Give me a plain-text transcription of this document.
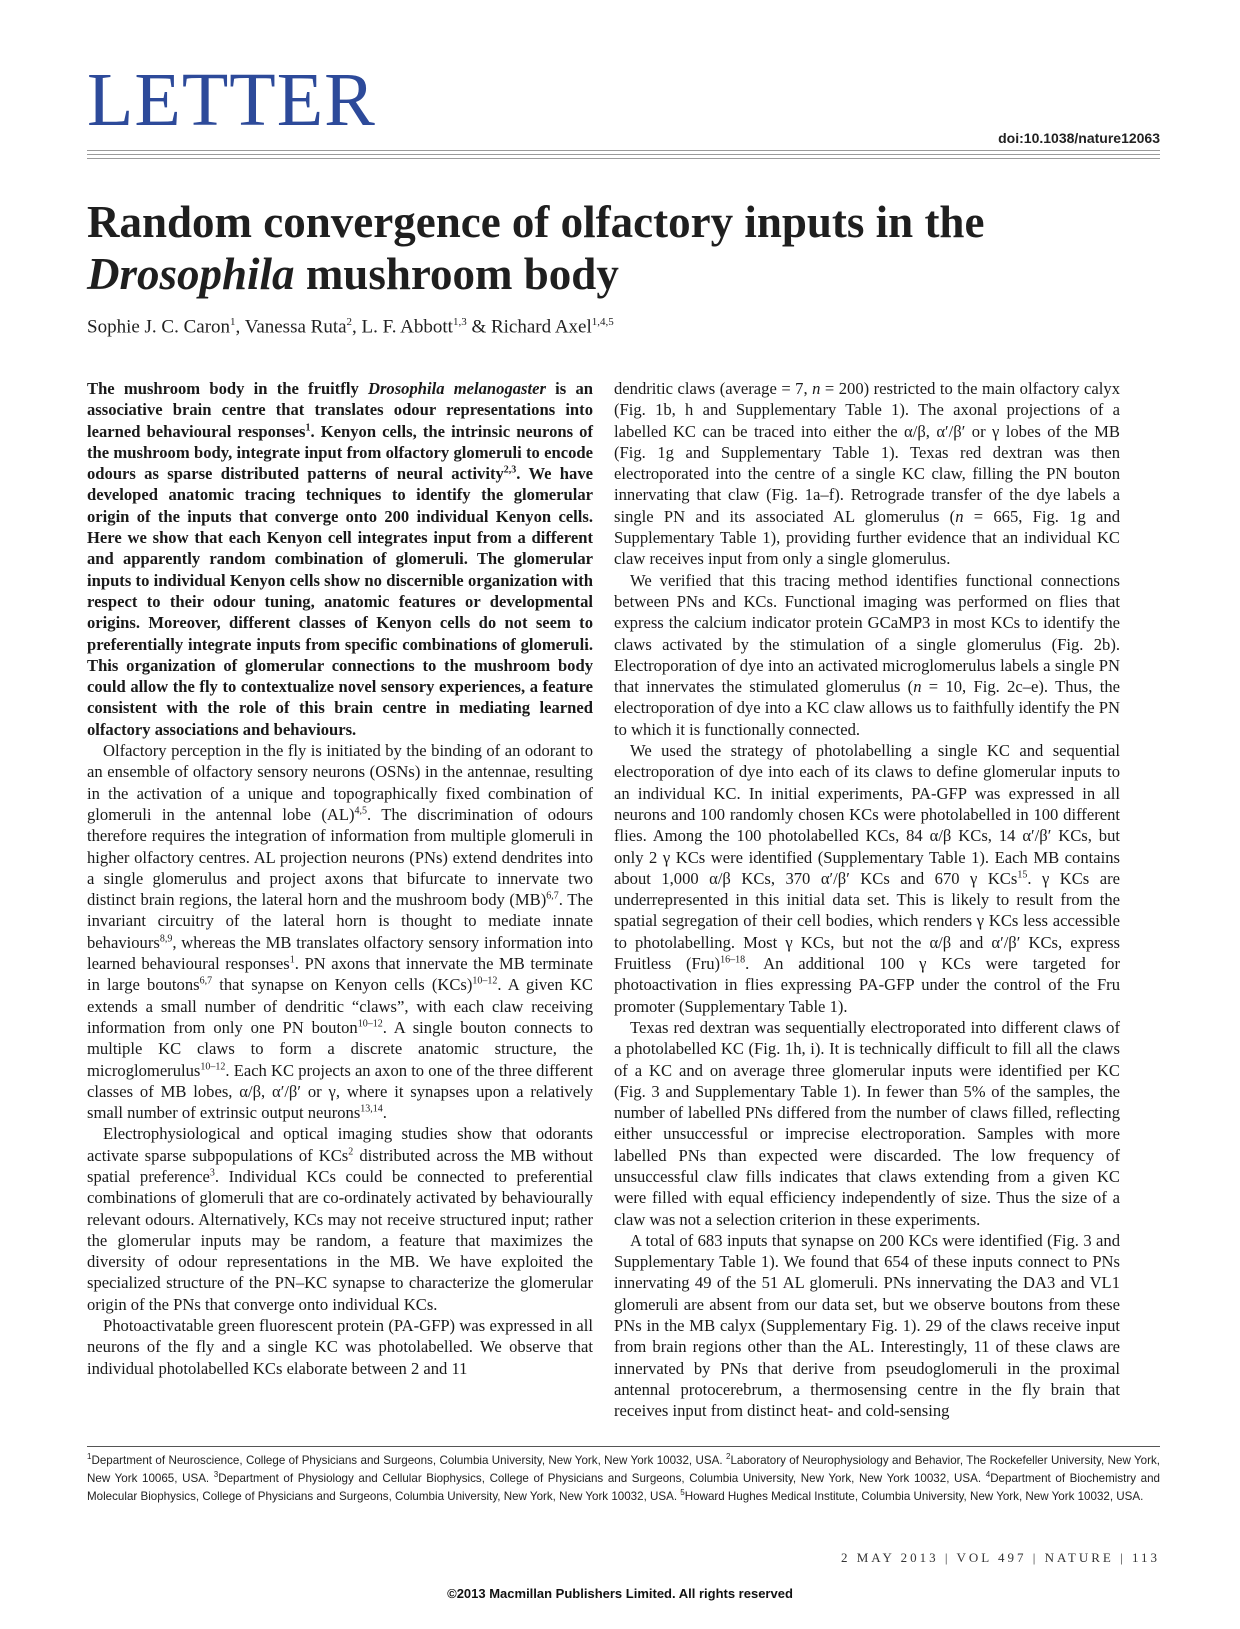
LETTER	doi:10.1038/nature12063
Random convergence of olfactory inputs in the
Drosophila mushroom body
Sophie J. C. Caron$^1$, Vanessa Ruta$^2$, L. F. Abbott$^{1,3}$ & Richard Axel$^{1,4,5}$

The mushroom body in the fruitfly Drosophila melanogaster is an associative brain centre that translates odour representations into learned behavioural responses$^1$. Kenyon cells, the intrinsic neurons of the mushroom body, integrate input from olfactory glomeruli to encode odours as sparse distributed patterns of neural activity$^{2,3}$. We have developed anatomic tracing techniques to identify the glomerular origin of the inputs that converge onto 200 individual Kenyon cells. Here we show that each Kenyon cell integrates input from a different and apparently random combination of glomeruli. The glomerular inputs to individual Kenyon cells show no discernible organization with respect to their odour tuning, anatomic features or developmental origins. Moreover, different classes of Kenyon cells do not seem to preferentially integrate inputs from specific combinations of glomeruli. This organization of glomerular connections to the mushroom body could allow the fly to contextualize novel sensory experiences, a feature consistent with the role of this brain centre in mediating learned olfactory associations and behaviours.

Olfactory perception in the fly is initiated by the binding of an odorant to an ensemble of olfactory sensory neurons (OSNs) in the antennae, resulting in the activation of a unique and topographically fixed combination of glomeruli in the antennal lobe (AL)$^{4,5}$. The discrimination of odours therefore requires the integration of information from multiple glomeruli in higher olfactory centres. AL projection neurons (PNs) extend dendrites into a single glomerulus and project axons that bifurcate to innervate two distinct brain regions, the lateral horn and the mushroom body (MB)$^{6,7}$. The invariant circuitry of the lateral horn is thought to mediate innate behaviours$^{8,9}$, whereas the MB translates olfactory sensory information into learned behavioural responses$^1$. PN axons that innervate the MB terminate in large boutons$^{6,7}$ that synapse on Kenyon cells (KCs)$^{10-12}$. A given KC extends a small number of dendritic “claws”, with each claw receiving information from only one PN bouton$^{10-12}$. A single bouton connects to multiple KC claws to form a discrete anatomic structure, the microglomerulus$^{10-12}$. Each KC projects an axon to one of the three different classes of MB lobes, α/β, α′/β′ or γ, where it synapses upon a relatively small number of extrinsic output neurons$^{13,14}$.

Electrophysiological and optical imaging studies show that odorants activate sparse subpopulations of KCs$^2$ distributed across the MB without spatial preference$^3$. Individual KCs could be connected to preferential combinations of glomeruli that are co-ordinately activated by behaviourally relevant odours. Alternatively, KCs may not receive structured input; rather the glomerular inputs may be random, a feature that maximizes the diversity of odour representations in the MB. We have exploited the specialized structure of the PN–KC synapse to characterize the glomerular origin of the PNs that converge onto individual KCs.

Photoactivatable green fluorescent protein (PA-GFP) was expressed in all neurons of the fly and a single KC was photolabelled. We observe that individual photolabelled KCs elaborate between 2 and 11

dendritic claws (average = 7, n = 200) restricted to the main olfactory calyx (Fig. 1b, h and Supplementary Table 1). The axonal projections of a labelled KC can be traced into either the α/β, α′/β′ or γ lobes of the MB (Fig. 1g and Supplementary Table 1). Texas red dextran was then electroporated into the centre of a single KC claw, filling the PN bouton innervating that claw (Fig. 1a–f). Retrograde transfer of the dye labels a single PN and its associated AL glomerulus (n = 665, Fig. 1g and Supplementary Table 1), providing further evidence that an individual KC claw receives input from only a single glomerulus.

We verified that this tracing method identifies functional connections between PNs and KCs. Functional imaging was performed on flies that express the calcium indicator protein GCaMP3 in most KCs to identify the claws activated by the stimulation of a single glomerulus (Fig. 2b). Electroporation of dye into an activated microglomerulus labels a single PN that innervates the stimulated glomerulus (n = 10, Fig. 2c–e). Thus, the electroporation of dye into a KC claw allows us to faithfully identify the PN to which it is functionally connected.

We used the strategy of photolabelling a single KC and sequential electroporation of dye into each of its claws to define glomerular inputs to an individual KC. In initial experiments, PA-GFP was expressed in all neurons and 100 randomly chosen KCs were photolabelled in 100 different flies. Among the 100 photolabelled KCs, 84 α/β KCs, 14 α′/β′ KCs, but only 2 γ KCs were identified (Supplementary Table 1). Each MB contains about 1,000 α/β KCs, 370 α′/β′ KCs and 670 γ KCs$^{15}$. γ KCs are underrepresented in this initial data set. This is likely to result from the spatial segregation of their cell bodies, which renders γ KCs less accessible to photolabelling. Most γ KCs, but not the α/β and α′/β′ KCs, express Fruitless (Fru)$^{16-18}$. An additional 100 γ KCs were targeted for photoactivation in flies expressing PA-GFP under the control of the Fru promoter (Supplementary Table 1).

Texas red dextran was sequentially electroporated into different claws of a photolabelled KC (Fig. 1h, i). It is technically difficult to fill all the claws of a KC and on average three glomerular inputs were identified per KC (Fig. 3 and Supplementary Table 1). In fewer than 5% of the samples, the number of labelled PNs differed from the number of claws filled, reflecting either unsuccessful or imprecise electroporation. Samples with more labelled PNs than expected were discarded. The low frequency of unsuccessful claw fills indicates that claws extending from a given KC were filled with equal efficiency independently of size. Thus the size of a claw was not a selection criterion in these experiments.

A total of 683 inputs that synapse on 200 KCs were identified (Fig. 3 and Supplementary Table 1). We found that 654 of these inputs connect to PNs innervating 49 of the 51 AL glomeruli. PNs innervating the DA3 and VL1 glomeruli are absent from our data set, but we observe boutons from these PNs in the MB calyx (Supplementary Fig. 1). 29 of the claws receive input from brain regions other than the AL. Interestingly, 11 of these claws are innervated by PNs that derive from pseudoglomeruli in the proximal antennal protocerebrum, a thermosensing centre in the fly brain that receives input from distinct heat- and cold-sensing

$^1$Department of Neuroscience, College of Physicians and Surgeons, Columbia University, New York, New York 10032, USA. $^2$Laboratory of Neurophysiology and Behavior, The Rockefeller University, New York, New York 10065, USA. $^3$Department of Physiology and Cellular Biophysics, College of Physicians and Surgeons, Columbia University, New York, New York 10032, USA. $^4$Department of Biochemistry and Molecular Biophysics, College of Physicians and Surgeons, Columbia University, New York, New York 10032, USA. $^5$Howard Hughes Medical Institute, Columbia University, New York, New York 10032, USA.
2 MAY 2013 | VOL 497 | NATURE | 113
©2013 Macmillan Publishers Limited. All rights reserved
